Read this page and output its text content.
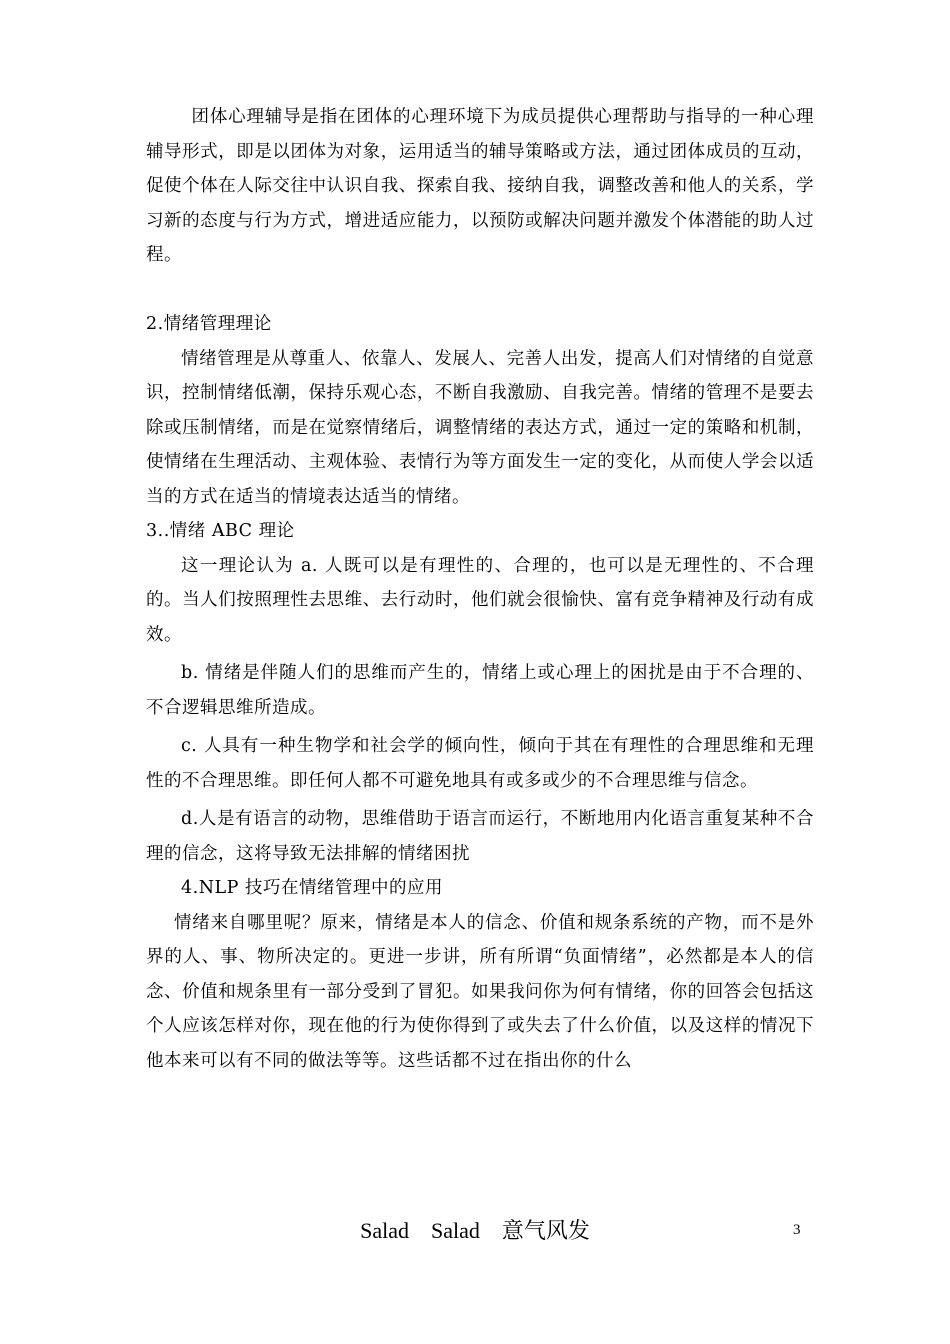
团体心理辅导是指在团体的心理环境下为成员提供心理帮助与指导的一种心理辅导形式，即是以团体为对象，运用适当的辅导策略或方法，通过团体成员的互动，促使个体在人际交往中认识自我、探索自我、接纳自我，调整改善和他人的关系，学习新的态度与行为方式，增进适应能力，以预防或解决问题并激发个体潜能的助人过程。

2.情绪管理理论

情绪管理是从尊重人、依靠人、发展人、完善人出发，提高人们对情绪的自觉意识，控制情绪低潮，保持乐观心态，不断自我激励、自我完善。情绪的管理不是要去除或压制情绪，而是在觉察情绪后，调整情绪的表达方式，通过一定的策略和机制，使情绪在生理活动、主观体验、表情行为等方面发生一定的变化，从而使人学会以适当的方式在适当的情境表达适当的情绪。

3..情绪 ABC 理论

这一理论认为 a. 人既可以是有理性的、合理的，也可以是无理性的、不合理的。当人们按照理性去思维、去行动时，他们就会很愉快、富有竞争精神及行动有成效。

b. 情绪是伴随人们的思维而产生的，情绪上或心理上的困扰是由于不合理的、不合逻辑思维所造成。

c. 人具有一种生物学和社会学的倾向性，倾向于其在有理性的合理思维和无理性的不合理思维。即任何人都不可避免地具有或多或少的不合理思维与信念。

d.人是有语言的动物，思维借助于语言而运行，不断地用内化语言重复某种不合理的信念，这将导致无法排解的情绪困扰

4.NLP 技巧在情绪管理中的应用

情绪来自哪里呢？原来，情绪是本人的信念、价值和规条系统的产物，而不是外界的人、事、物所决定的。更进一步讲，所有所谓“负面情绪”，必然都是本人的信念、价值和规条里有一部分受到了冒犯。如果我问你为何有情绪，你的回答会包括这个人应该怎样对你，现在他的行为使你得到了或失去了什么价值，以及这样的情况下他本来可以有不同的做法等等。这些话都不过在指出你的什么

Salad　Salad　意气风发	3
